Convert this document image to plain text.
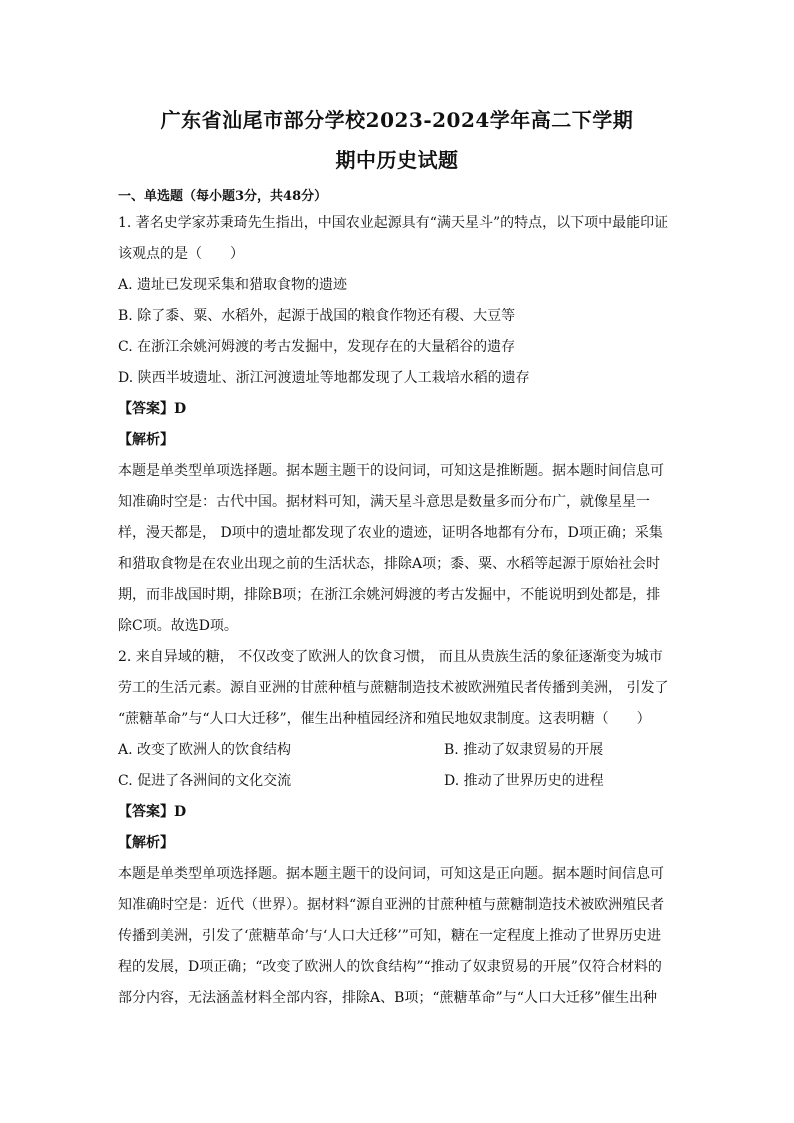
广东省汕尾市部分学校2023-2024学年高二下学期
期中历史试题
一、单选题（每小题3分，共48分）
1. 著名史学家苏秉琦先生指出，中国农业起源具有“满天星斗”的特点，以下项中最能印证
该观点的是（　　）
A. 遗址已发现采集和猎取食物的遗迹
B. 除了黍、粟、水稻外，起源于战国的粮食作物还有稷、大豆等
C. 在浙江余姚河姆渡的考古发掘中，发现存在的大量稻谷的遗存
D. 陕西半坡遗址、浙江河渡遗址等地都发现了人工栽培水稻的遗存
【答案】D
【解析】
本题是单类型单项选择题。据本题主题干的设问词，可知这是推断题。据本题时间信息可
知准确时空是：古代中国。据材料可知，满天星斗意思是数量多而分布广，就像星星一
样，漫天都是， D项中的遗址都发现了农业的遗迹，证明各地都有分布，D项正确；采集
和猎取食物是在农业出现之前的生活状态，排除A项；黍、粟、水稻等起源于原始社会时
期，而非战国时期，排除B项；在浙江余姚河姆渡的考古发掘中，不能说明到处都是，排
除C项。故选D项。
2. 来自异域的糖， 不仅改变了欧洲人的饮食习惯， 而且从贵族生活的象征逐渐变为城市
劳工的生活元素。源自亚洲的甘蔗种植与蔗糖制造技术被欧洲殖民者传播到美洲， 引发了
“蔗糖革命”与“人口大迁移”，催生出种植园经济和殖民地奴隶制度。这表明糖（　　）
A. 改变了欧洲人的饮食结构	B. 推动了奴隶贸易的开展
C. 促进了各洲间的文化交流	D. 推动了世界历史的进程
【答案】D
【解析】
本题是单类型单项选择题。据本题主题干的设问词，可知这是正向题。据本题时间信息可
知准确时空是：近代（世界）。据材料“源自亚洲的甘蔗种植与蔗糖制造技术被欧洲殖民者
传播到美洲，引发了‘蔗糖革命’与‘人口大迁移’”可知，糖在一定程度上推动了世界历史进
程的发展，D项正确；“改变了欧洲人的饮食结构”“推动了奴隶贸易的开展”仅符合材料的
部分内容，无法涵盖材料全部内容，排除A、B项；“蔗糖革命”与“人口大迁移”催生出种
